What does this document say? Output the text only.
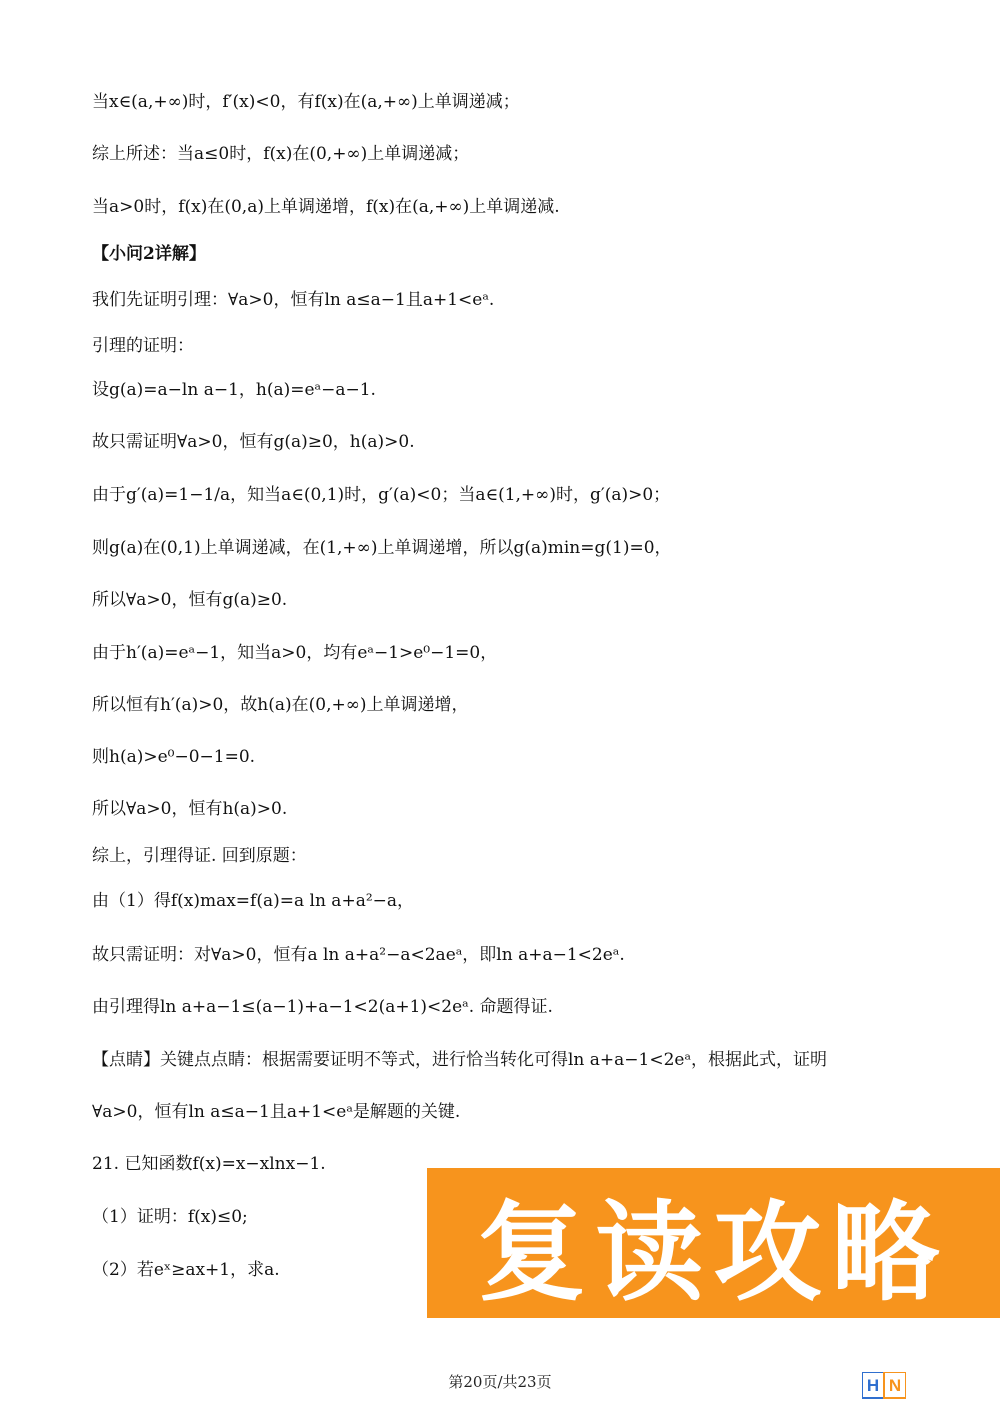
当x∈(a,+∞)时，f′(x)<0，有f(x)在(a,+∞)上单调递减；
综上所述：当a≤0时，f(x)在(0,+∞)上单调递减；
当a>0时，f(x)在(0,a)上单调递增，f(x)在(a,+∞)上单调递减.
【小问2详解】
我们先证明引理：∀a>0，恒有ln a≤a−1且a+1<eᵃ.
引理的证明：
设g(a)=a−ln a−1，h(a)=eᵃ−a−1.
故只需证明∀a>0，恒有g(a)≥0，h(a)>0.
由于g′(a)=1−1/a，知当a∈(0,1)时，g′(a)<0；当a∈(1,+∞)时，g′(a)>0；
则g(a)在(0,1)上单调递减，在(1,+∞)上单调递增，所以g(a)min=g(1)=0，
所以∀a>0，恒有g(a)≥0.
由于h′(a)=eᵃ−1，知当a>0，均有eᵃ−1>e⁰−1=0，
所以恒有h′(a)>0，故h(a)在(0,+∞)上单调递增，
则h(a)>e⁰−0−1=0.
所以∀a>0，恒有h(a)>0.
综上，引理得证. 回到原题：
由（1）得f(x)max=f(a)=a ln a+a²−a，
故只需证明：对∀a>0，恒有a ln a+a²−a<2aeᵃ，即ln a+a−1<2eᵃ.
由引理得ln a+a−1≤(a−1)+a−1<2(a+1)<2eᵃ. 命题得证.
【点睛】关键点点睛：根据需要证明不等式，进行恰当转化可得ln a+a−1<2eᵃ，根据此式，证明
∀a>0，恒有ln a≤a−1且a+1<eᵃ是解题的关键.
21. 已知函数f(x)=x−xlnx−1.
（1）证明：f(x)≤0;
（2）若eˣ≥ax+1，求a. 复读攻略
第20页/共23页	H N
